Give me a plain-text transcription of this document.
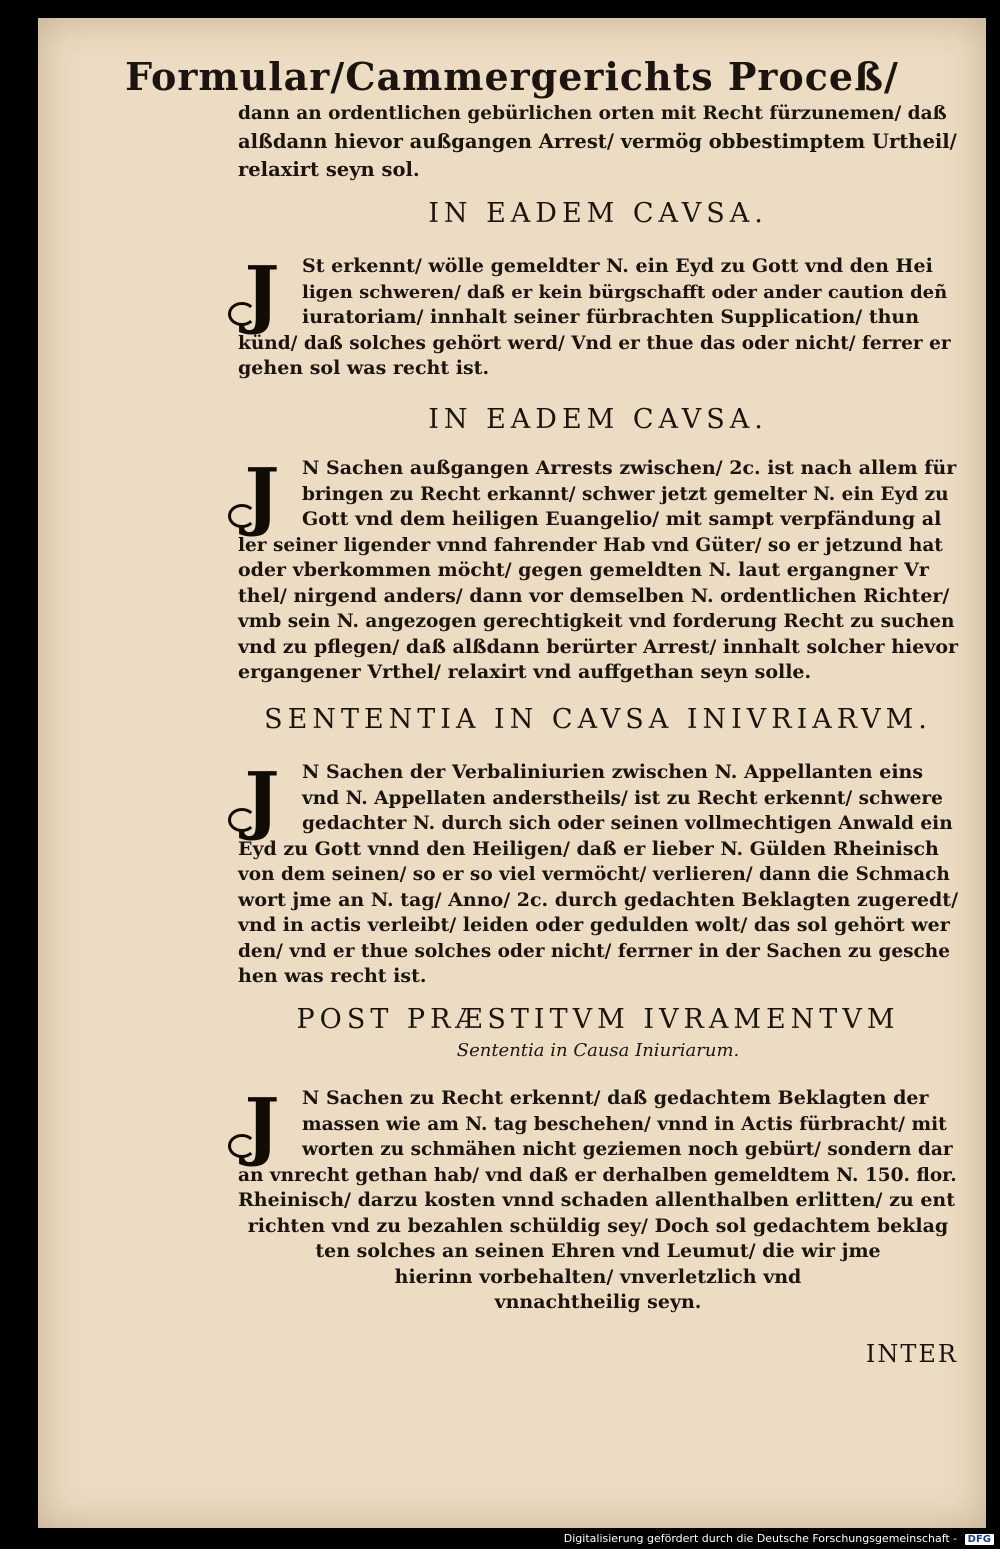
Formular/Cammergerichts Proceß/

dann an ordentlichen gebürlichen orten mit Recht fürzunemen/ daß

alßdann hievor außgangen Arrest/ vermög obbestimptem Urtheil/

relaxirt seyn sol.

IN EADEM CAVSA.
J	St erkennt/ wölle gemeldter N. ein Eyd zu Gott vnd den Hei
ligen schweren/ daß er kein bürgschafft oder ander caution deñ
iuratoriam/ innhalt seiner fürbrachten Supplication/ thun
künd/ daß solches gehört werd/ Vnd er thue das oder nicht/ ferrer er
gehen sol was recht ist.
IN EADEM CAVSA.
J	N Sachen außgangen Arrests zwischen/ 2c. ist nach allem für
bringen zu Recht erkannt/ schwer jetzt gemelter N. ein Eyd zu
Gott vnd dem heiligen Euangelio/ mit sampt verpfändung al
ler seiner ligender vnnd fahrender Hab vnd Güter/ so er jetzund hat
oder vberkommen möcht/ gegen gemeldten N. laut ergangner Vr
thel/ nirgend anders/ dann vor demselben N. ordentlichen Richter/
vmb sein N. angezogen gerechtigkeit vnd forderung Recht zu suchen
vnd zu pflegen/ daß alßdann berürter Arrest/ innhalt solcher hievor
ergangener Vrthel/ relaxirt vnd auffgethan seyn solle.
SENTENTIA IN CAVSA INIVRIARVM.
J	N Sachen der Verbaliniurien zwischen N. Appellanten eins
vnd N. Appellaten anderstheils/ ist zu Recht erkennt/ schwere
gedachter N. durch sich oder seinen vollmechtigen Anwald ein
Eyd zu Gott vnnd den Heiligen/ daß er lieber N. Gülden Rheinisch
von dem seinen/ so er so viel vermöcht/ verlieren/ dann die Schmach
wort jme an N. tag/ Anno/ 2c. durch gedachten Beklagten zugeredt/
vnd in actis verleibt/ leiden oder gedulden wolt/ das sol gehört wer
den/ vnd er thue solches oder nicht/ ferrner in der Sachen zu gesche
hen was recht ist.
POST PRÆSTITVM IVRAMENTVM
Sententia in Causa Iniuriarum.
J	N Sachen zu Recht erkennt/ daß gedachtem Beklagten der
massen wie am N. tag beschehen/ vnnd in Actis fürbracht/ mit
worten zu schmähen nicht geziemen noch gebürt/ sondern dar
an vnrecht gethan hab/ vnd daß er derhalben gemeldtem N. 150. flor.
Rheinisch/ darzu kosten vnnd schaden allenthalben erlitten/ zu ent
richten vnd zu bezahlen schüldig sey/ Doch sol gedachtem beklag
ten solches an seinen Ehren vnd Leumut/ die wir jme
hierinn vorbehalten/ vnverletzlich vnd
vnnachtheilig seyn.
INTER
Digitalisierung gefördert durch die Deutsche Forschungsgemeinschaft - DFG
